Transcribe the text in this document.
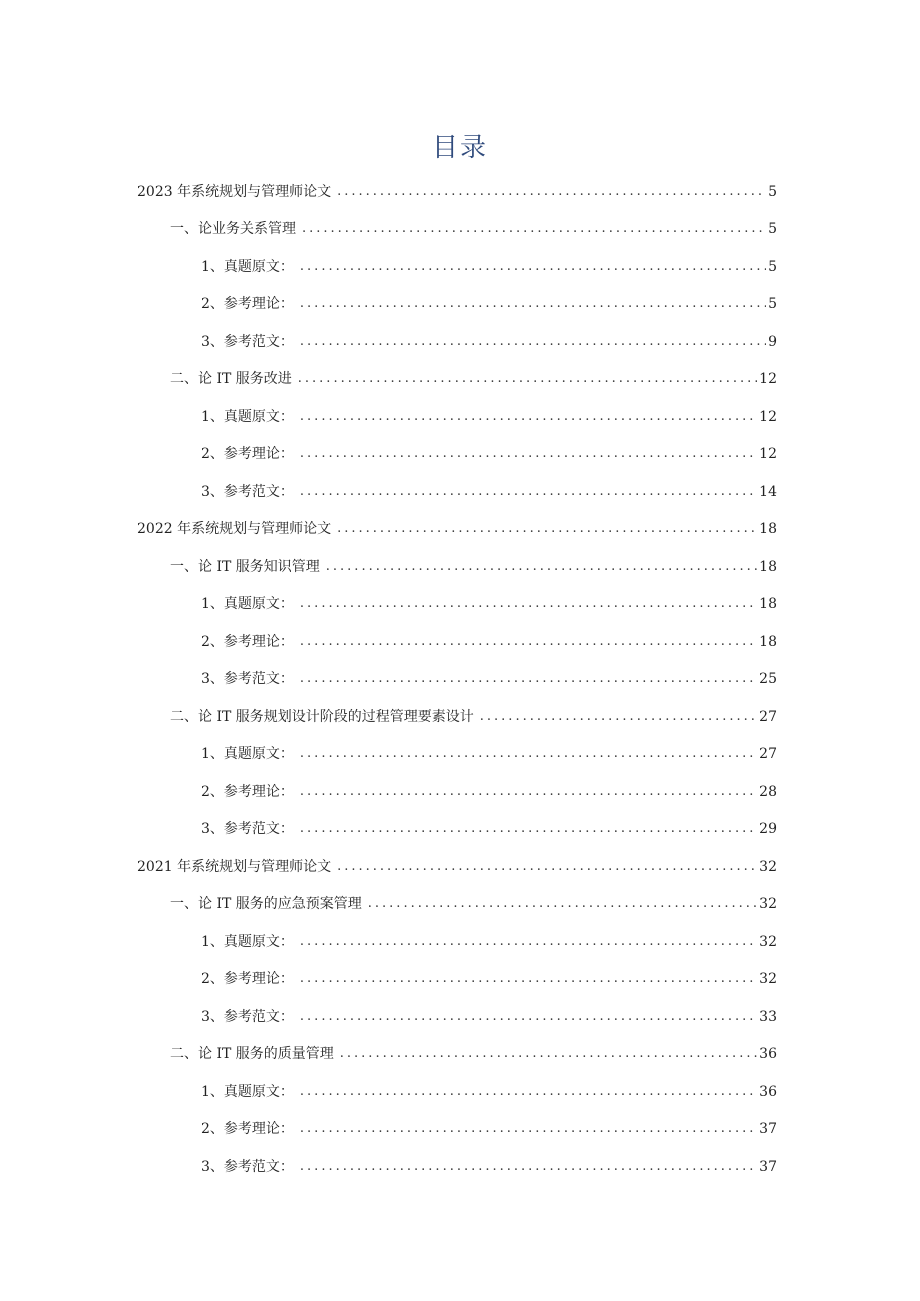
目录
2023 年系统规划与管理师论文 .....	5
一、论业务关系管理 .....	5
1、真题原文： .....	5
2、参考理论： .....	5
3、参考范文： .....	9
二、论 IT 服务改进 .....	12
1、真题原文： .....	12
2、参考理论： .....	12
3、参考范文： .....	14
2022 年系统规划与管理师论文 .....	18
一、论 IT 服务知识管理 .....	18
1、真题原文： .....	18
2、参考理论： .....	18
3、参考范文： .....	25
二、论 IT 服务规划设计阶段的过程管理要素设计 .....	27
1、真题原文： .....	27
2、参考理论： .....	28
3、参考范文： .....	29
2021 年系统规划与管理师论文 .....	32
一、论 IT 服务的应急预案管理 .....	32
1、真题原文： .....	32
2、参考理论： .....	32
3、参考范文： .....	33
二、论 IT 服务的质量管理 .....	36
1、真题原文： .....	36
2、参考理论： .....	37
3、参考范文： .....	37
